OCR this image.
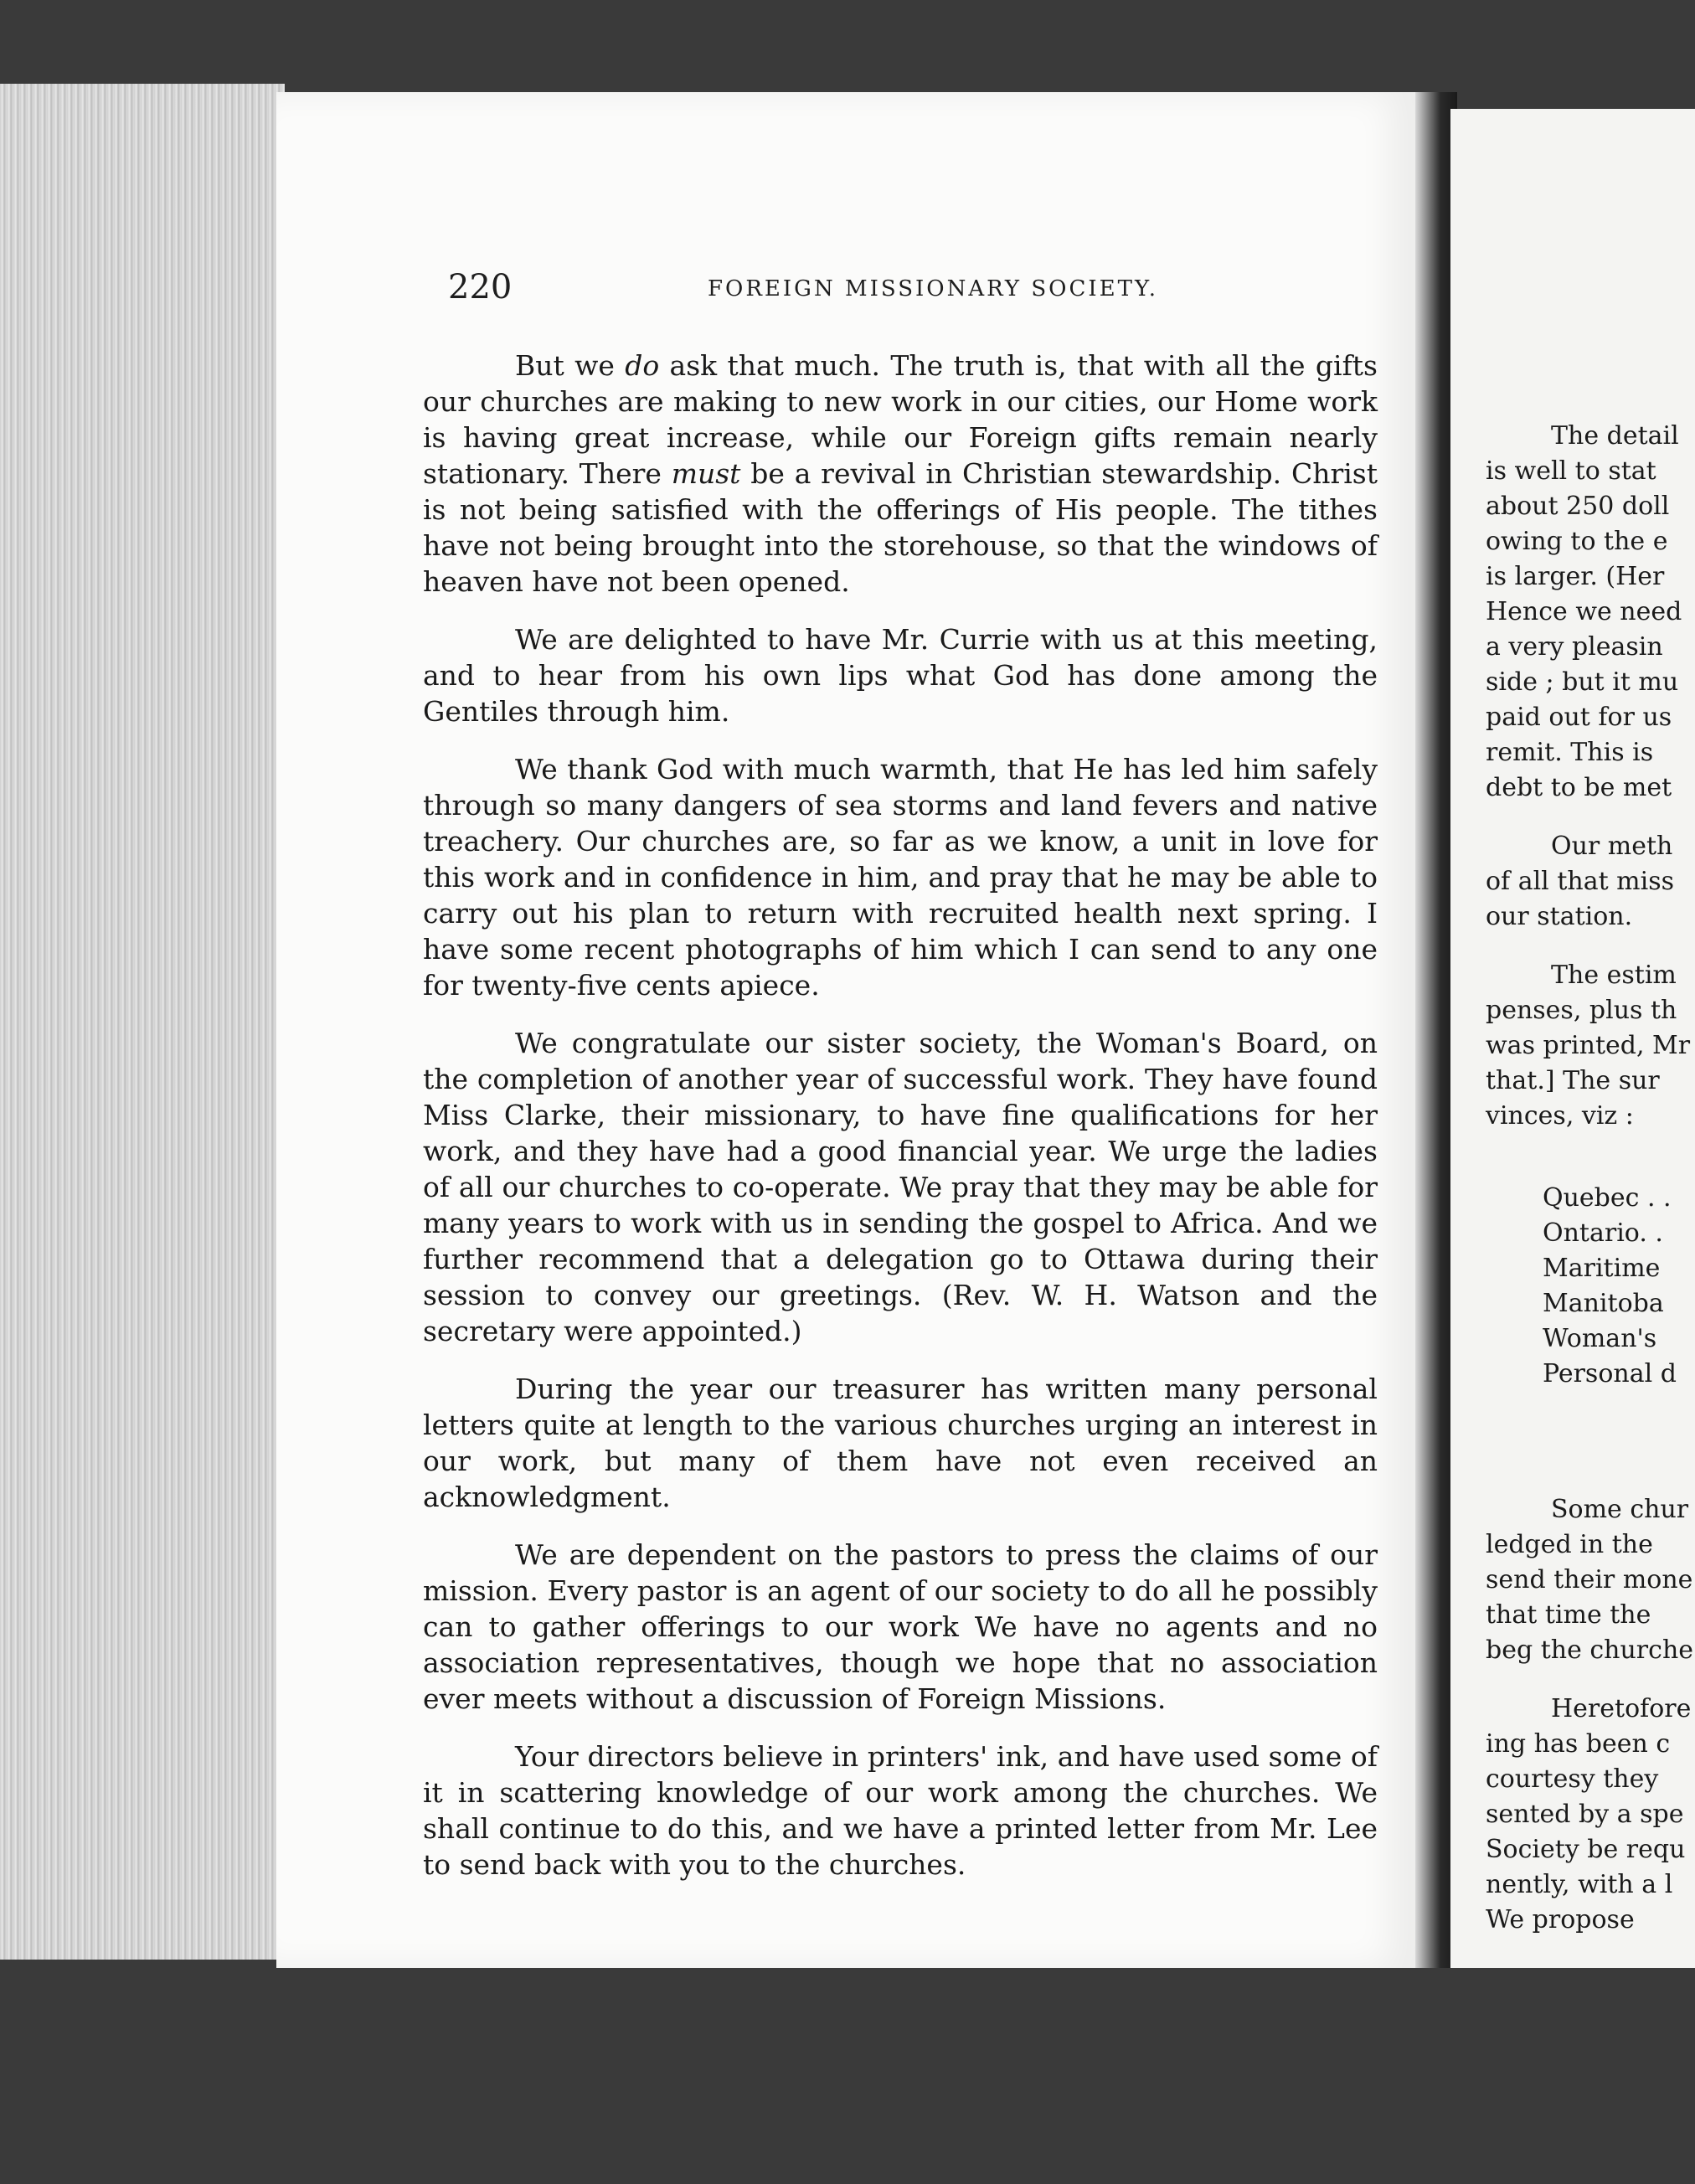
The detail
is well to stat
about 250 doll
owing to the e
is larger. (Her
Hence we need
a very pleasin
side ; but it mu
paid out for us
remit. This is
debt to be met
Our meth
of all that miss
our station.
The estim
penses, plus th
was printed, Mr
that.] The sur
vinces, viz :
Quebec . .
Ontario. .
Maritime
Manitoba
Woman's
Personal d
Some chur
ledged in the
send their mone
that time the
beg the churche
Heretofore
ing has been c
courtesy they
sented by a spe
Society be requ
nently, with a l
We propose
220	FOREIGN MISSIONARY SOCIETY.

But we do ask that much. The truth is, that with all the gifts our churches are making to new work in our cities, our Home work is having great increase, while our Foreign gifts remain nearly stationary. There must be a revival in Christian stewardship. Christ is not being satisfied with the offerings of His people. The tithes have not being brought into the storehouse, so that the windows of heaven have not been opened.

We are delighted to have Mr. Currie with us at this meeting, and to hear from his own lips what God has done among the Gentiles through him.

We thank God with much warmth, that He has led him safely through so many dangers of sea storms and land fevers and native treachery. Our churches are, so far as we know, a unit in love for this work and in confidence in him, and pray that he may be able to carry out his plan to return with recruited health next spring. I have some recent photographs of him which I can send to any one for twenty-five cents apiece.

We congratulate our sister society, the Woman's Board, on the completion of another year of successful work. They have found Miss Clarke, their missionary, to have fine qualifications for her work, and they have had a good financial year. We urge the ladies of all our churches to co-operate. We pray that they may be able for many years to work with us in sending the gospel to Africa. And we further recommend that a delegation go to Ottawa during their session to convey our greetings. (Rev. W. H. Watson and the secretary were appointed.)

During the year our treasurer has written many personal letters quite at length to the various churches urging an interest in our work, but many of them have not even received an acknowledgment.

We are dependent on the pastors to press the claims of our mission. Every pastor is an agent of our society to do all he possibly can to gather offerings to our work We have no agents and no association representatives, though we hope that no association ever meets without a discussion of Foreign Missions.

Your directors believe in printers' ink, and have used some of it in scattering knowledge of our work among the churches. We shall continue to do this, and we have a printed letter from Mr. Lee to send back with you to the churches.
